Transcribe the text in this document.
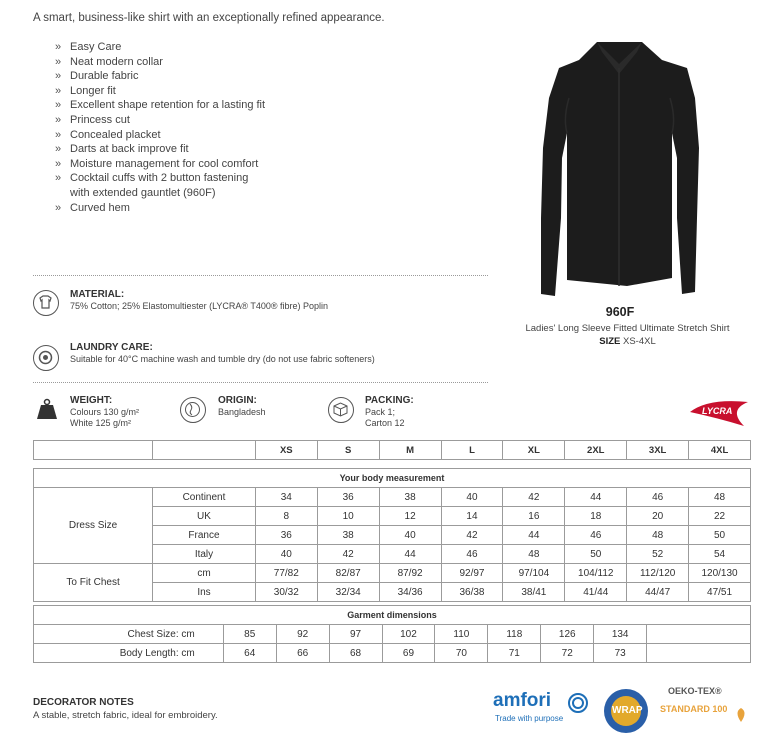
A smart, business-like shirt with an exceptionally refined appearance.
» Easy Care
» Neat modern collar
» Durable fabric
» Longer fit
» Excellent shape retention for a lasting fit
» Princess cut
» Concealed placket
» Darts at back improve fit
» Moisture management for cool comfort
» Cocktail cuffs with 2 button fastening with extended gauntlet (960F)
» Curved hem
960F
Ladies' Long Sleeve Fitted Ultimate Stretch Shirt
SIZE XS-4XL
MATERIAL:
75% Cotton; 25% Elastomultiester (LYCRA® T400® fibre) Poplin
LAUNDRY CARE:
Suitable for 40°C machine wash and tumble dry (do not use fabric softeners)
WEIGHT:
Colours 130 g/m²
White 125 g/m²
ORIGIN:
Bangladesh
PACKING:
Pack 1;
Carton 12
LYCRA
		XS	S	M	L	XL	2XL	3XL	4XL

Your body measurement									
Dress Size	Continent	34	36	38	40	42	44	46	48
	UK	8	10	12	14	16	18	20	22
	France	36	38	40	42	44	46	48	50
	Italy	40	42	44	46	48	50	52	54
To Fit Chest	cm	77/82	82/87	87/92	92/97	97/104	104/112	112/120	120/130
	Ins	30/32	32/34	34/36	36/38	38/41	41/44	44/47	47/51
Garment dimensions									
Chest Size: cm	85	92	97	102	110	118	126	134	
Body Length: cm	64	66	68	69	70	71	72	73	
DECORATOR NOTES
A stable, stretch fabric, ideal for embroidery.
amfori
Trade with purpose
WRAP
OEKO-TEX®
STANDARD 100
